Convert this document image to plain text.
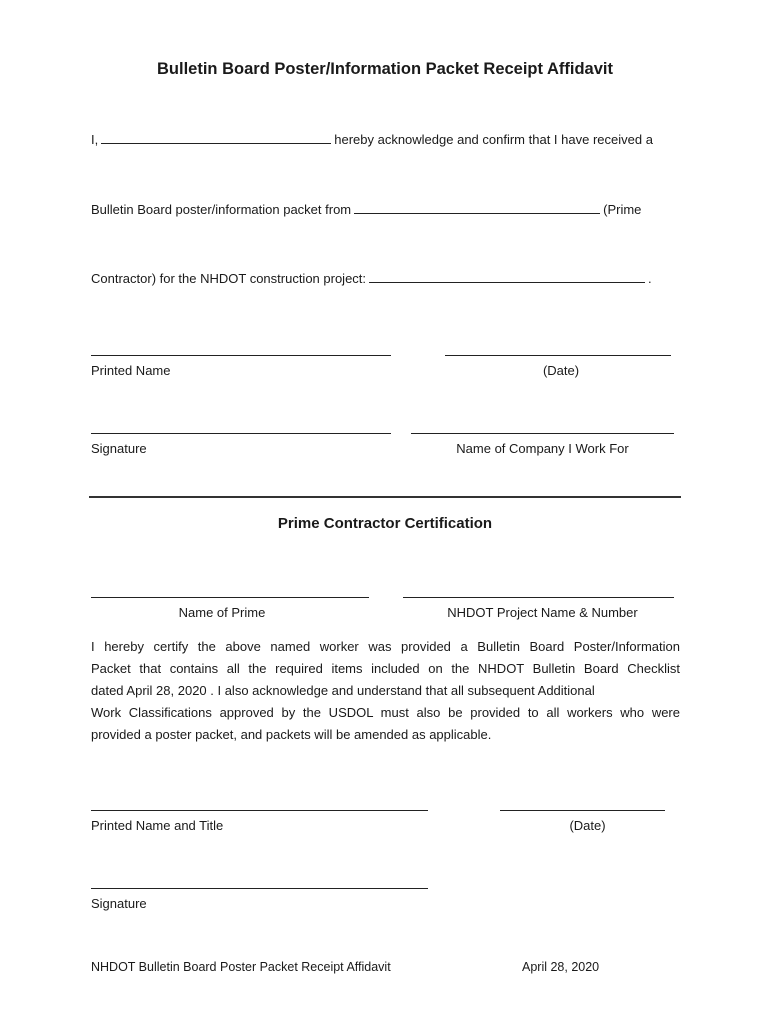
Bulletin Board Poster/Information Packet Receipt Affidavit
I,	hereby acknowledge and confirm that I have received a
Bulletin Board poster/information packet from	(Prime
Contractor) for the NHDOT construction project:	.
Printed Name	(Date)
Signature	Name of Company I Work For
Prime Contractor Certification
Name of Prime	NHDOT Project Name & Number
I hereby certify the above named worker was provided a Bulletin Board Poster/Information
Packet that contains all the required items included on the NHDOT Bulletin Board Checklist
dated April 28, 2020 . I also acknowledge and understand that all subsequent Additional
Work Classifications approved by the USDOL must also be provided to all workers who were
provided a poster packet, and packets will be amended as applicable.
Printed Name and Title	(Date)
Signature
NHDOT Bulletin Board Poster Packet Receipt Affidavit	April 28, 2020
